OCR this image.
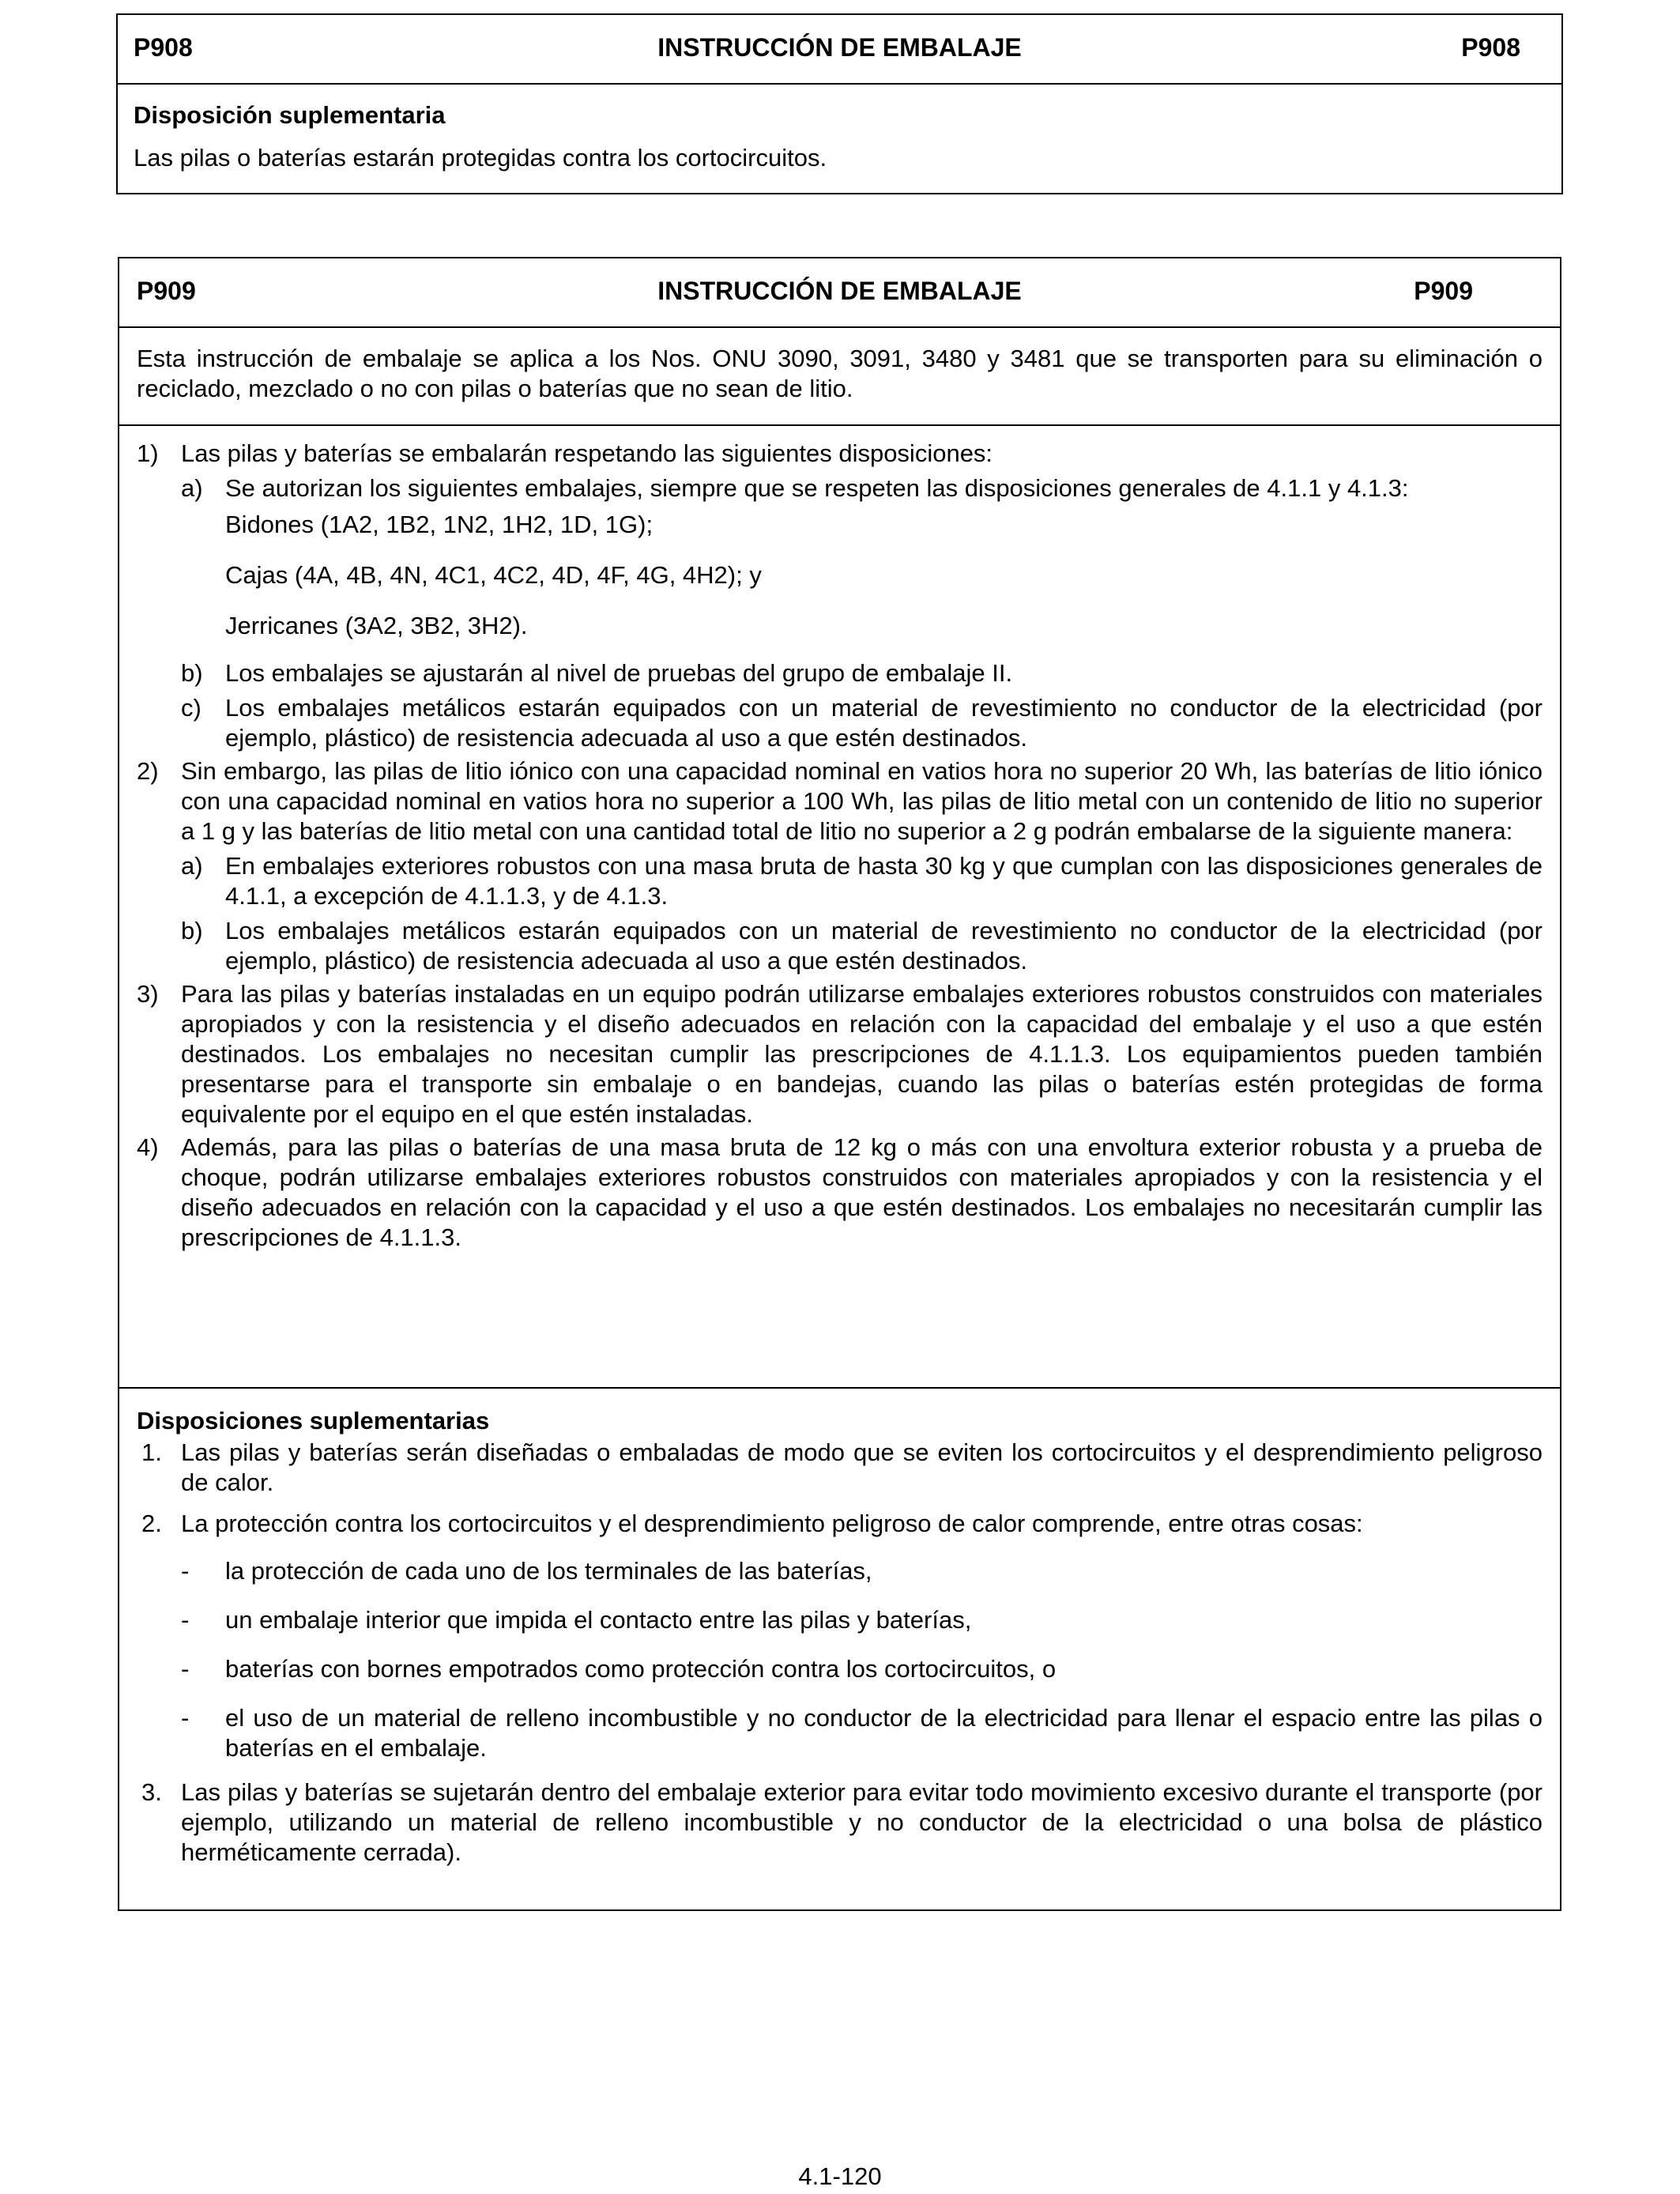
P908	INSTRUCCIÓN DE EMBALAJE	P908
Disposición suplementaria
Las pilas o baterías estarán protegidas contra los cortocircuitos.
P909	INSTRUCCIÓN DE EMBALAJE	P909
Esta instrucción de embalaje se aplica a los Nos. ONU 3090, 3091, 3480 y 3481 que se transporten para su eliminación o reciclado, mezclado o no con pilas o baterías que no sean de litio.
1) Las pilas y baterías se embalarán respetando las siguientes disposiciones:
a) Se autorizan los siguientes embalajes, siempre que se respeten las disposiciones generales de 4.1.1 y 4.1.3:
Bidones (1A2, 1B2, 1N2, 1H2, 1D, 1G);
Cajas (4A, 4B, 4N, 4C1, 4C2, 4D, 4F, 4G, 4H2); y
Jerricanes (3A2, 3B2, 3H2).
b) Los embalajes se ajustarán al nivel de pruebas del grupo de embalaje II.
c) Los embalajes metálicos estarán equipados con un material de revestimiento no conductor de la electricidad (por ejemplo, plástico) de resistencia adecuada al uso a que estén destinados.
2) Sin embargo, las pilas de litio iónico con una capacidad nominal en vatios hora no superior 20 Wh, las baterías de litio iónico con una capacidad nominal en vatios hora no superior a 100 Wh, las pilas de litio metal con un contenido de litio no superior a 1 g y las baterías de litio metal con una cantidad total de litio no superior a 2 g podrán embalarse de la siguiente manera:
a) En embalajes exteriores robustos con una masa bruta de hasta 30 kg y que cumplan con las disposiciones generales de 4.1.1, a excepción de 4.1.1.3, y de 4.1.3.
b) Los embalajes metálicos estarán equipados con un material de revestimiento no conductor de la electricidad (por ejemplo, plástico) de resistencia adecuada al uso a que estén destinados.
3) Para las pilas y baterías instaladas en un equipo podrán utilizarse embalajes exteriores robustos construidos con materiales apropiados y con la resistencia y el diseño adecuados en relación con la capacidad del embalaje y el uso a que estén destinados. Los embalajes no necesitan cumplir las prescripciones de 4.1.1.3. Los equipamientos pueden también presentarse para el transporte sin embalaje o en bandejas, cuando las pilas o baterías estén protegidas de forma equivalente por el equipo en el que estén instaladas.
4) Además, para las pilas o baterías de una masa bruta de 12 kg o más con una envoltura exterior robusta y a prueba de choque, podrán utilizarse embalajes exteriores robustos construidos con materiales apropiados y con la resistencia y el diseño adecuados en relación con la capacidad y el uso a que estén destinados. Los embalajes no necesitarán cumplir las prescripciones de 4.1.1.3.
Disposiciones suplementarias
1. Las pilas y baterías serán diseñadas o embaladas de modo que se eviten los cortocircuitos y el desprendimiento peligroso de calor.
2. La protección contra los cortocircuitos y el desprendimiento peligroso de calor comprende, entre otras cosas:
- la protección de cada uno de los terminales de las baterías,
- un embalaje interior que impida el contacto entre las pilas y baterías,
- baterías con bornes empotrados como protección contra los cortocircuitos, o
- el uso de un material de relleno incombustible y no conductor de la electricidad para llenar el espacio entre las pilas o baterías en el embalaje.
3. Las pilas y baterías se sujetarán dentro del embalaje exterior para evitar todo movimiento excesivo durante el transporte (por ejemplo, utilizando un material de relleno incombustible y no conductor de la electricidad o una bolsa de plástico herméticamente cerrada).
4.1-120
